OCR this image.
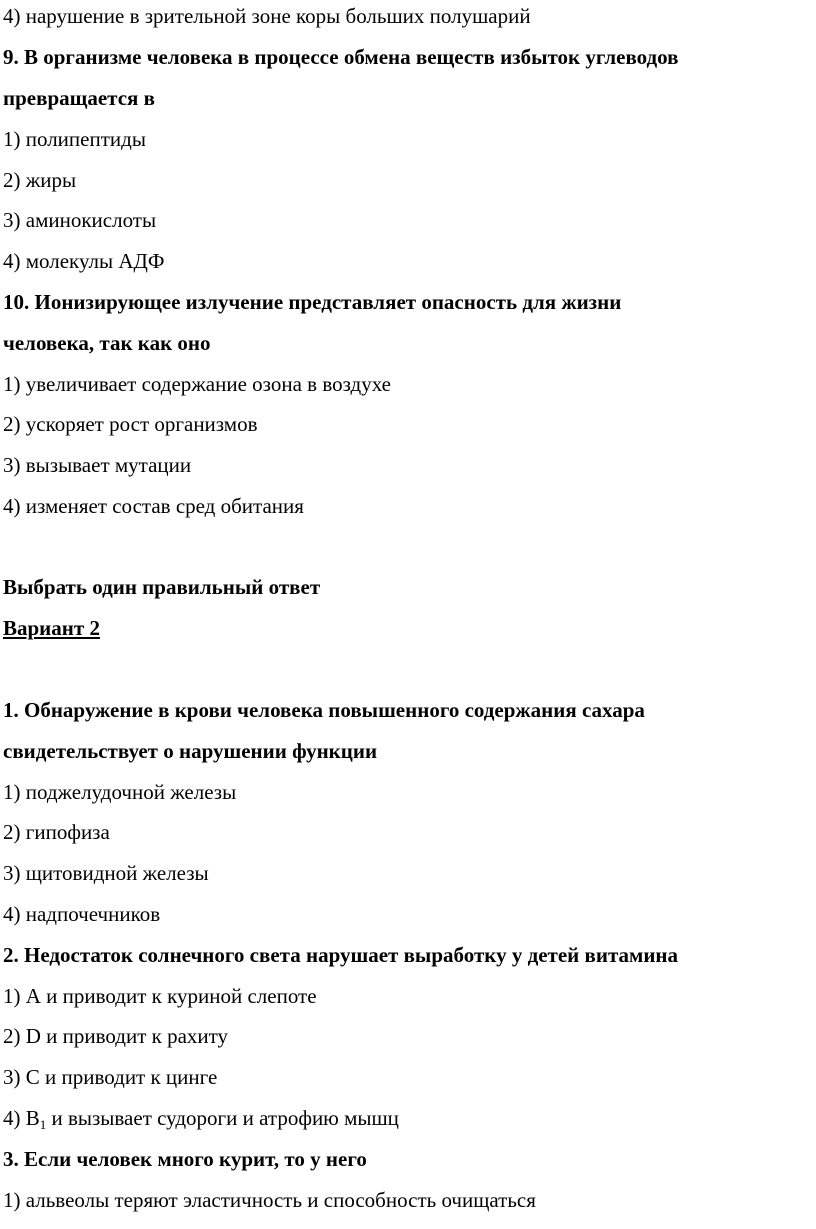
4) нарушение в зрительной зоне коры больших полушарий
9. В организме человека в процессе обмена веществ избыток углеводов
превращается в
1) полипептиды
2) жиры
3) аминокислоты
4) молекулы АДФ
10. Ионизирующее излучение представляет опасность для жизни
человека, так как оно
1) увеличивает содержание озона в воздухе
2) ускоряет рост организмов
3) вызывает мутации
4) изменяет состав сред обитания
Выбрать один правильный ответ
Вариант 2
1. Обнаружение в крови человека повышенного содержания сахара
свидетельствует о нарушении функции
1) поджелудочной железы
2) гипофиза
3) щитовидной железы
4) надпочечников
2. Недостаток солнечного света нарушает выработку у детей витамина
1) А и приводит к куриной слепоте
2) D и приводит к рахиту
3) С и приводит к цинге
4) $В_1$ и вызывает судороги и атрофию мышц
3. Если человек много курит, то у него
1) альвеолы теряют эластичность и способность очищаться
